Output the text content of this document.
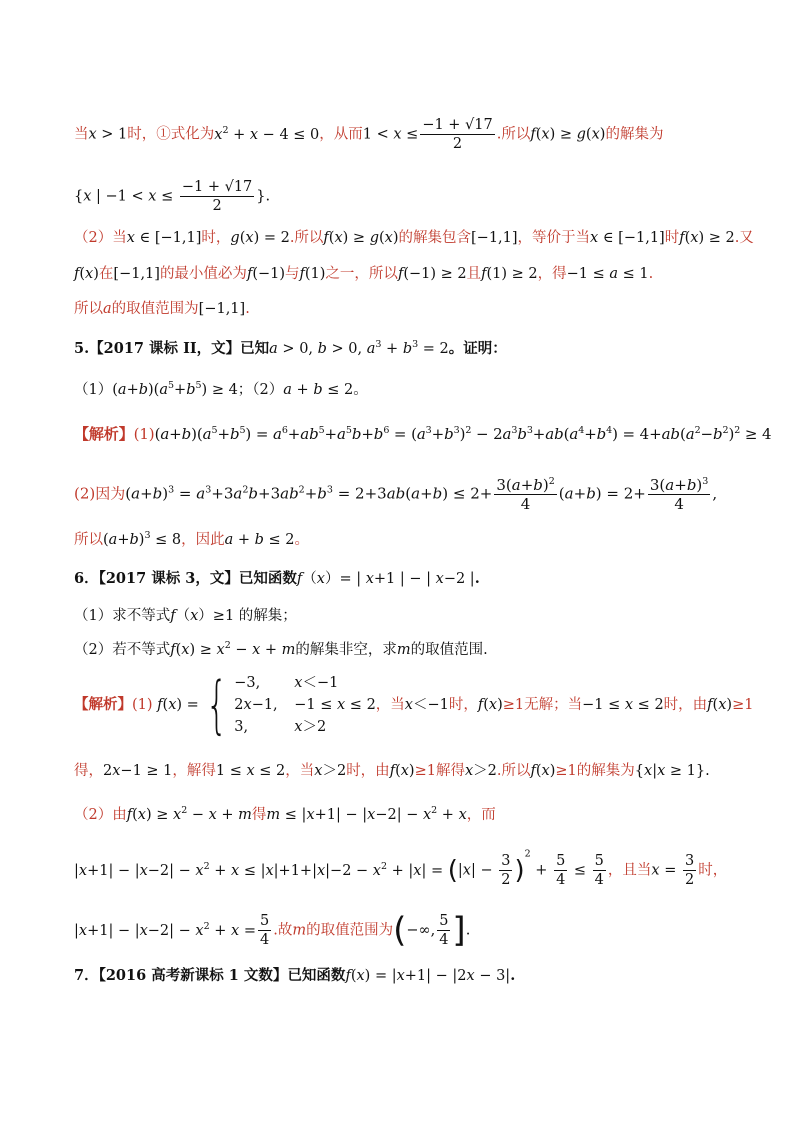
当x > 1时，①式化为$x^2 + x - 4 \le 0$，从而$1 < x \le \frac{-1 + √17}{2}$ .所以f(x) ≥ g(x)的解集为
{x | $-1 < x \le \frac{-1 + √17}{2}$ }.
（2）当x ∈ [−1,1]时，g(x) = 2.所以f(x) ≥ g(x)的解集包含[−1,1]，等价于当x ∈ [−1,1]时f(x) ≥ 2.又
f(x)在[−1,1]的最小值必为f(−1)与f(1)之一，所以f(−1) ≥ 2且f(1) ≥ 2，得−1 ≤ a ≤ 1.
所以a的取值范围为[−1,1].
5.【2017 课标 II，文】已知a > 0, b > 0, $a^3 + b^3 = 2$。证明：
$(1)(a+b)(a^5+b^5) \ge 4$；（2）a + b ≤ 2。
【解析】$(1)(a+b)(a^5+b^5) = a^6+ab^5+a^5b+b^6 = (a^3+b^3)^2 - 2a^3b^3+ab(a^4+b^4) = 4+ab(a^2-b^2)^2 \ge 4$
(2)因为$(a+b)^3 = a^3+3a^2b+3ab^2+b^3 = 2+3ab(a+b) \le 2+ \frac{3(a+b)^2}{4} (a+b) = 2+ \frac{3(a+b)^3}{4}$ ,
所以$(a+b)^3 \le 8$，因此a + b ≤ 2。
6．【2017 课标 3，文】已知函数f（x）= | x+1 | − | x−2 |.
（1）求不等式f（x）≥1 的解集；
（2）若不等式$f(x) \ge x^2 - x + m$的解集非空，求m的取值范围.
【解析】(1) f(x) = { −3, x＜−1
2x−1, −1 ≤ x ≤ 2
3,	x＞2
，当x＜−1时，f(x)≥1无解；当−1 ≤ x ≤ 2时，由f(x)≥1
得，2x−1 ≥ 1，解得1 ≤ x ≤ 2，当x＞2时，由f(x)≥1解得x＞2.所以f(x)≥1的解集为{x|x ≥ 1}.
（2）由$f(x) \ge x^2 - x + m$得$m \le |x+1| - |x-2| - x^2 + x$，而
$|x+1| - |x-2| - x^2 + x \le |x|+1+|x|-2 - x^2 + |x| = (|x| - \frac{3}{2} )^2 + \frac{5}{4} \le \frac{5}{4}$ ，且当$x = \frac{3}{2}$ 时，
$|x+1| - |x-2| - x^2 + x = \frac{5}{4}$ .故m的取值范围为(−∞, $\frac{5}{4}$ ].
7．【2016 高考新课标 1 文数】已知函数f(x) = |x+1| − |2x − 3|.
